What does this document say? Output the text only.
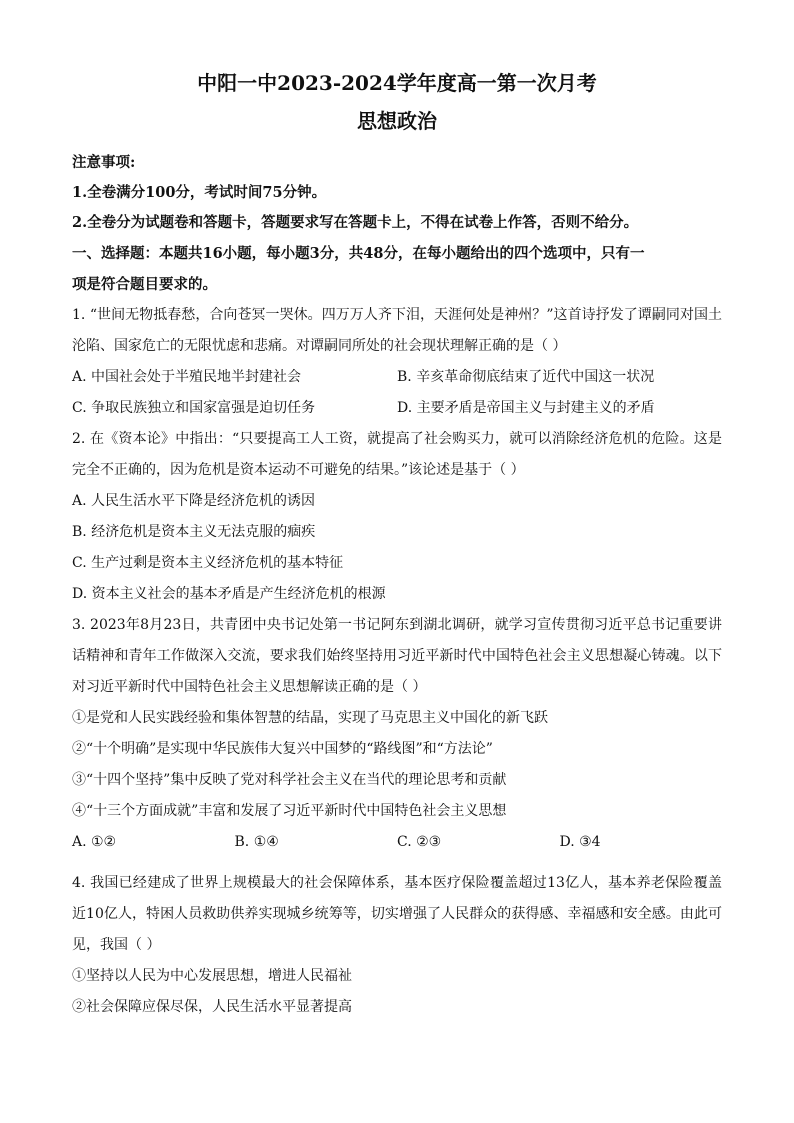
中阳一中2023-2024学年度高一第一次月考
思想政治

注意事项:

1.全卷满分100分，考试时间75分钟。

2.全卷分为试题卷和答题卡，答题要求写在答题卡上，不得在试卷上作答，否则不给分。

一、选择题：本题共16小题，每小题3分，共48分，在每小题给出的四个选项中，只有一

项是符合题目要求的。

1. “世间无物抵春愁，合向苍冥一哭休。四万万人齐下泪，天涯何处是神州？”这首诗抒发了谭嗣同对国土沦陷、国家危亡的无限忧虑和悲痛。对谭嗣同所处的社会现状理解正确的是（ ）

A. 中国社会处于半殖民地半封建社会	B. 辛亥革命彻底结束了近代中国这一状况
C. 争取民族独立和国家富强是迫切任务	D. 主要矛盾是帝国主义与封建主义的矛盾

2. 在《资本论》中指出：“只要提高工人工资，就提高了社会购买力，就可以消除经济危机的危险。这是完全不正确的，因为危机是资本运动不可避免的结果。”该论述是基于（ ）

A. 人民生活水平下降是经济危机的诱因

B. 经济危机是资本主义无法克服的痼疾

C. 生产过剩是资本主义经济危机的基本特征

D. 资本主义社会的基本矛盾是产生经济危机的根源

3. 2023年8月23日，共青团中央书记处第一书记阿东到湖北调研，就学习宣传贯彻习近平总书记重要讲话精神和青年工作做深入交流，要求我们始终坚持用习近平新时代中国特色社会主义思想凝心铸魂。以下对习近平新时代中国特色社会主义思想解读正确的是（ ）

①是党和人民实践经验和集体智慧的结晶，实现了马克思主义中国化的新飞跃

②“十个明确”是实现中华民族伟大复兴中国梦的“路线图”和“方法论”

③“十四个坚持”集中反映了党对科学社会主义在当代的理论思考和贡献

④“十三个方面成就”丰富和发展了习近平新时代中国特色社会主义思想

A. ①②	B. ①④	C. ②③	D. ③4

4. 我国已经建成了世界上规模最大的社会保障体系，基本医疗保险覆盖超过13亿人，基本养老保险覆盖近10亿人，特困人员救助供养实现城乡统筹等，切实增强了人民群众的获得感、幸福感和安全感。由此可见，我国（ ）

①坚持以人民为中心发展思想，增进人民福祉

②社会保障应保尽保，人民生活水平显著提高
